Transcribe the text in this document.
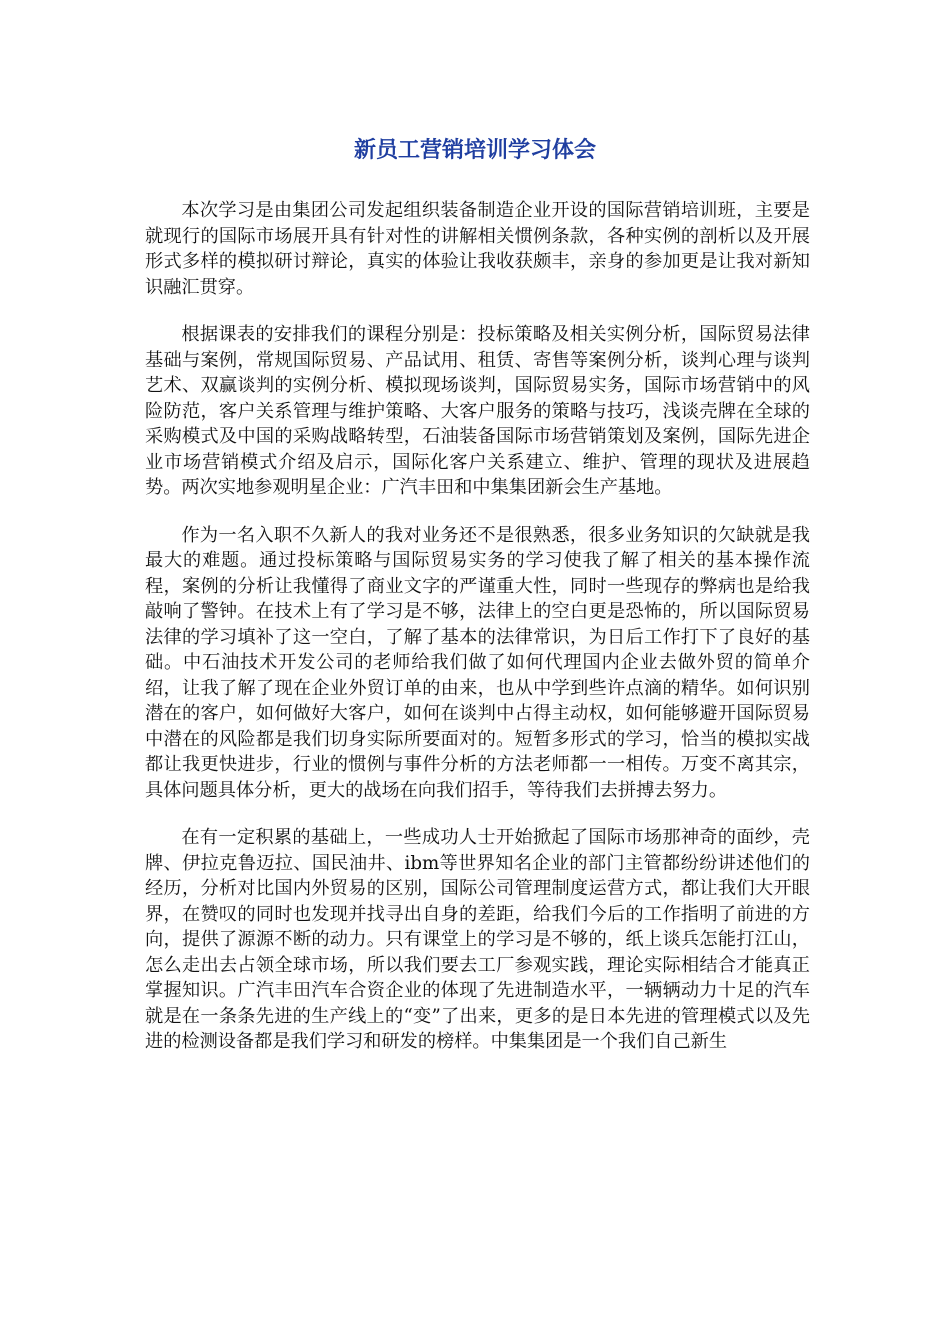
新员工营销培训学习体会

本次学习是由集团公司发起组织装备制造企业开设的国际营销培训班，主要是就现行的国际市场展开具有针对性的讲解相关惯例条款，各种实例的剖析以及开展形式多样的模拟研讨辩论，真实的体验让我收获颇丰，亲身的参加更是让我对新知识融汇贯穿。

根据课表的安排我们的课程分别是：投标策略及相关实例分析，国际贸易法律基础与案例，常规国际贸易、产品试用、租赁、寄售等案例分析，谈判心理与谈判艺术、双赢谈判的实例分析、模拟现场谈判，国际贸易实务，国际市场营销中的风险防范，客户关系管理与维护策略、大客户服务的策略与技巧，浅谈壳牌在全球的采购模式及中国的采购战略转型，石油装备国际市场营销策划及案例，国际先进企业市场营销模式介绍及启示，国际化客户关系建立、维护、管理的现状及进展趋势。两次实地参观明星企业：广汽丰田和中集集团新会生产基地。

作为一名入职不久新人的我对业务还不是很熟悉，很多业务知识的欠缺就是我最大的难题。通过投标策略与国际贸易实务的学习使我了解了相关的基本操作流程，案例的分析让我懂得了商业文字的严谨重大性，同时一些现存的弊病也是给我敲响了警钟。在技术上有了学习是不够，法律上的空白更是恐怖的，所以国际贸易法律的学习填补了这一空白，了解了基本的法律常识，为日后工作打下了良好的基础。中石油技术开发公司的老师给我们做了如何代理国内企业去做外贸的简单介绍，让我了解了现在企业外贸订单的由来，也从中学到些许点滴的精华。如何识别潜在的客户，如何做好大客户，如何在谈判中占得主动权，如何能够避开国际贸易中潜在的风险都是我们切身实际所要面对的。短暂多形式的学习，恰当的模拟实战都让我更快进步，行业的惯例与事件分析的方法老师都一一相传。万变不离其宗，具体问题具体分析，更大的战场在向我们招手，等待我们去拼搏去努力。

在有一定积累的基础上，一些成功人士开始掀起了国际市场那神奇的面纱，壳牌、伊拉克鲁迈拉、国民油井、ibm等世界知名企业的部门主管都纷纷讲述他们的经历，分析对比国内外贸易的区别，国际公司管理制度运营方式，都让我们大开眼界，在赞叹的同时也发现并找寻出自身的差距，给我们今后的工作指明了前进的方向，提供了源源不断的动力。只有课堂上的学习是不够的，纸上谈兵怎能打江山，怎么走出去占领全球市场，所以我们要去工厂参观实践，理论实际相结合才能真正掌握知识。广汽丰田汽车合资企业的体现了先进制造水平，一辆辆动力十足的汽车就是在一条条先进的生产线上的“变”了出来，更多的是日本先进的管理模式以及先进的检测设备都是我们学习和研发的榜样。中集集团是一个我们自己新生
